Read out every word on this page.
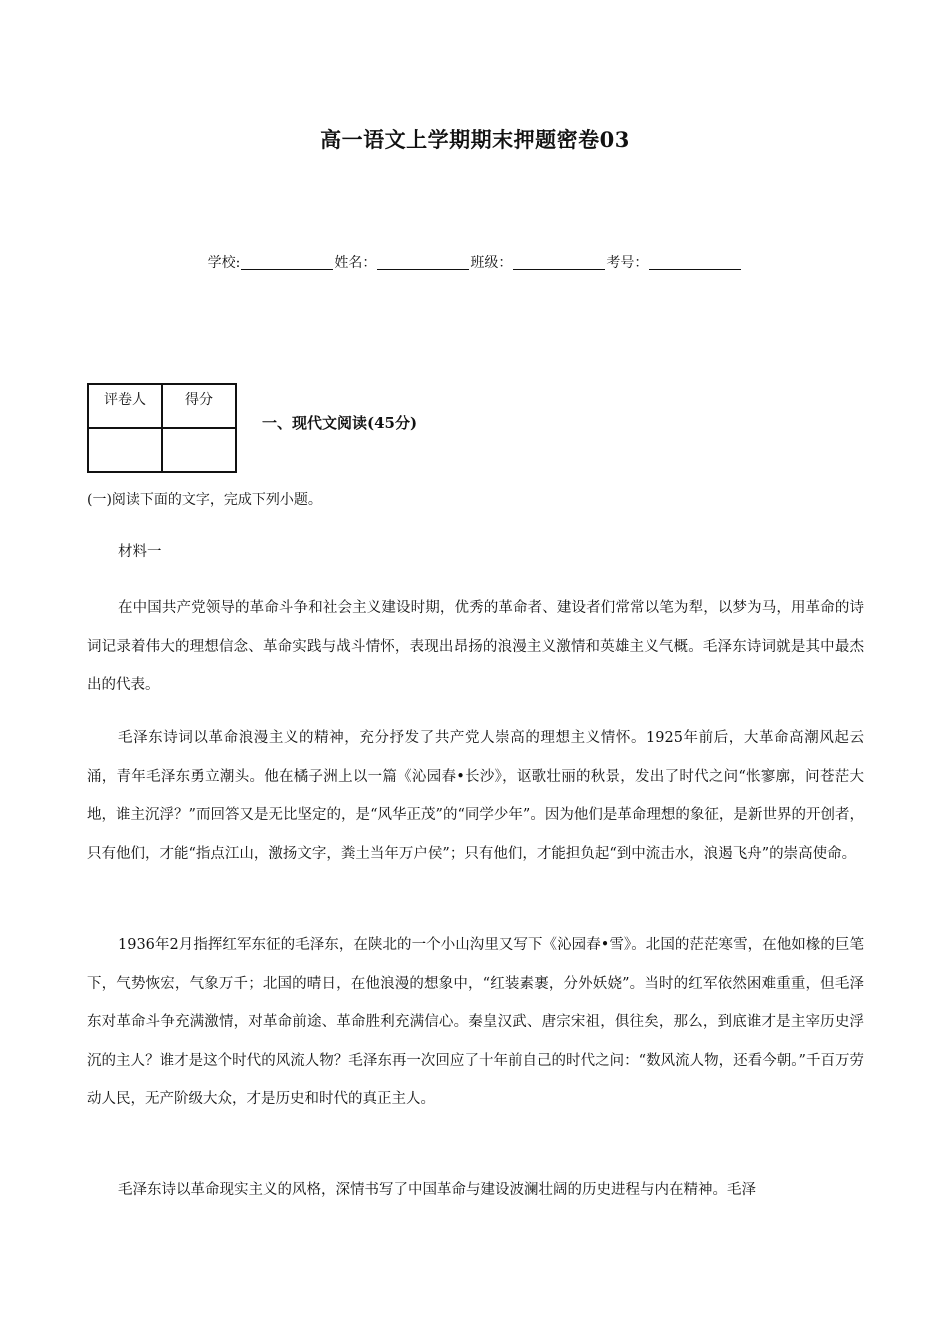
高一语文上学期期末押题密卷03
学校:	姓名：	班级：	考号：
评卷人	得分

一、现代文阅读(45分)

(一)阅读下面的文字，完成下列小题。

材料一

在中国共产党领导的革命斗争和社会主义建设时期，优秀的革命者、建设者们常常以笔为犁，以梦为马，用革命的诗词记录着伟大的理想信念、革命实践与战斗情怀，表现出昂扬的浪漫主义激情和英雄主义气概。毛泽东诗词就是其中最杰出的代表。

毛泽东诗词以革命浪漫主义的精神，充分抒发了共产党人崇高的理想主义情怀。1925年前后，大革命高潮风起云涌，青年毛泽东勇立潮头。他在橘子洲上以一篇《沁园春•长沙》，讴歌壮丽的秋景，发出了时代之问“怅寥廓，问苍茫大地，谁主沉浮？”而回答又是无比坚定的，是“风华正茂”的“同学少年”。因为他们是革命理想的象征，是新世界的开创者，只有他们，才能“指点江山，激扬文字，粪土当年万户侯”；只有他们，才能担负起“到中流击水，浪遏飞舟”的崇高使命。

1936年2月指挥红军东征的毛泽东，在陕北的一个小山沟里又写下《沁园春•雪》。北国的茫茫寒雪，在他如椽的巨笔下，气势恢宏，气象万千；北国的晴日，在他浪漫的想象中，“红装素裹，分外妖娆”。当时的红军依然困难重重，但毛泽东对革命斗争充满激情，对革命前途、革命胜利充满信心。秦皇汉武、唐宗宋祖，俱往矣，那么，到底谁才是主宰历史浮沉的主人？谁才是这个时代的风流人物？毛泽东再一次回应了十年前自己的时代之问：“数风流人物，还看今朝。”千百万劳动人民，无产阶级大众，才是历史和时代的真正主人。

毛泽东诗以革命现实主义的风格，深情书写了中国革命与建设波澜壮阔的历史进程与内在精神。毛泽
